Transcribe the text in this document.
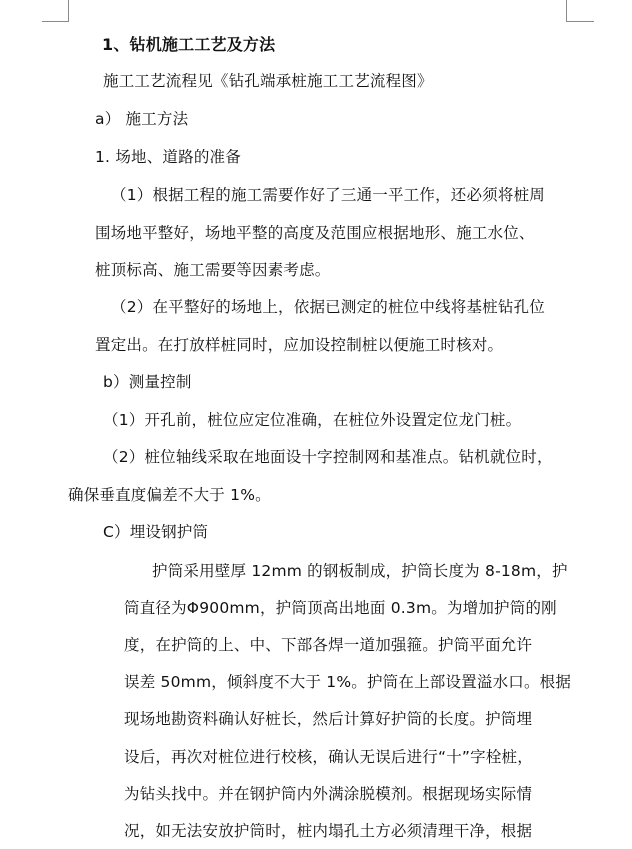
1、钻机施工工艺及方法

施工工艺流程见《钻孔端承桩施工工艺流程图》

a） 施工方法

1. 场地、道路的准备

（1）根据工程的施工需要作好了三通一平工作，还必须将桩周

围场地平整好，场地平整的高度及范围应根据地形、施工水位、

桩顶标高、施工需要等因素考虑。

（2）在平整好的场地上，依据已测定的桩位中线将基桩钻孔位

置定出。在打放样桩同时，应加设控制桩以便施工时核对。

b）测量控制

（1）开孔前，桩位应定位准确，在桩位外设置定位龙门桩。

（2）桩位轴线采取在地面设十字控制网和基准点。钻机就位时，

确保垂直度偏差不大于 1%。

C）埋设钢护筒

护筒采用壁厚 12mm 的钢板制成，护筒长度为 8-18m，护

筒直径为Φ900mm，护筒顶高出地面 0.3m。为增加护筒的刚

度，在护筒的上、中、下部各焊一道加强箍。护筒平面允许

误差 50mm，倾斜度不大于 1%。护筒在上部设置溢水口。根据

现场地勘资料确认好桩长，然后计算好护筒的长度。护筒埋

设后，再次对桩位进行校核，确认无误后进行“十”字栓桩，

为钻头找中。并在钢护筒内外满涂脱模剂。根据现场实际情

况，如无法安放护筒时，桩内塌孔土方必须清理干净，根据
